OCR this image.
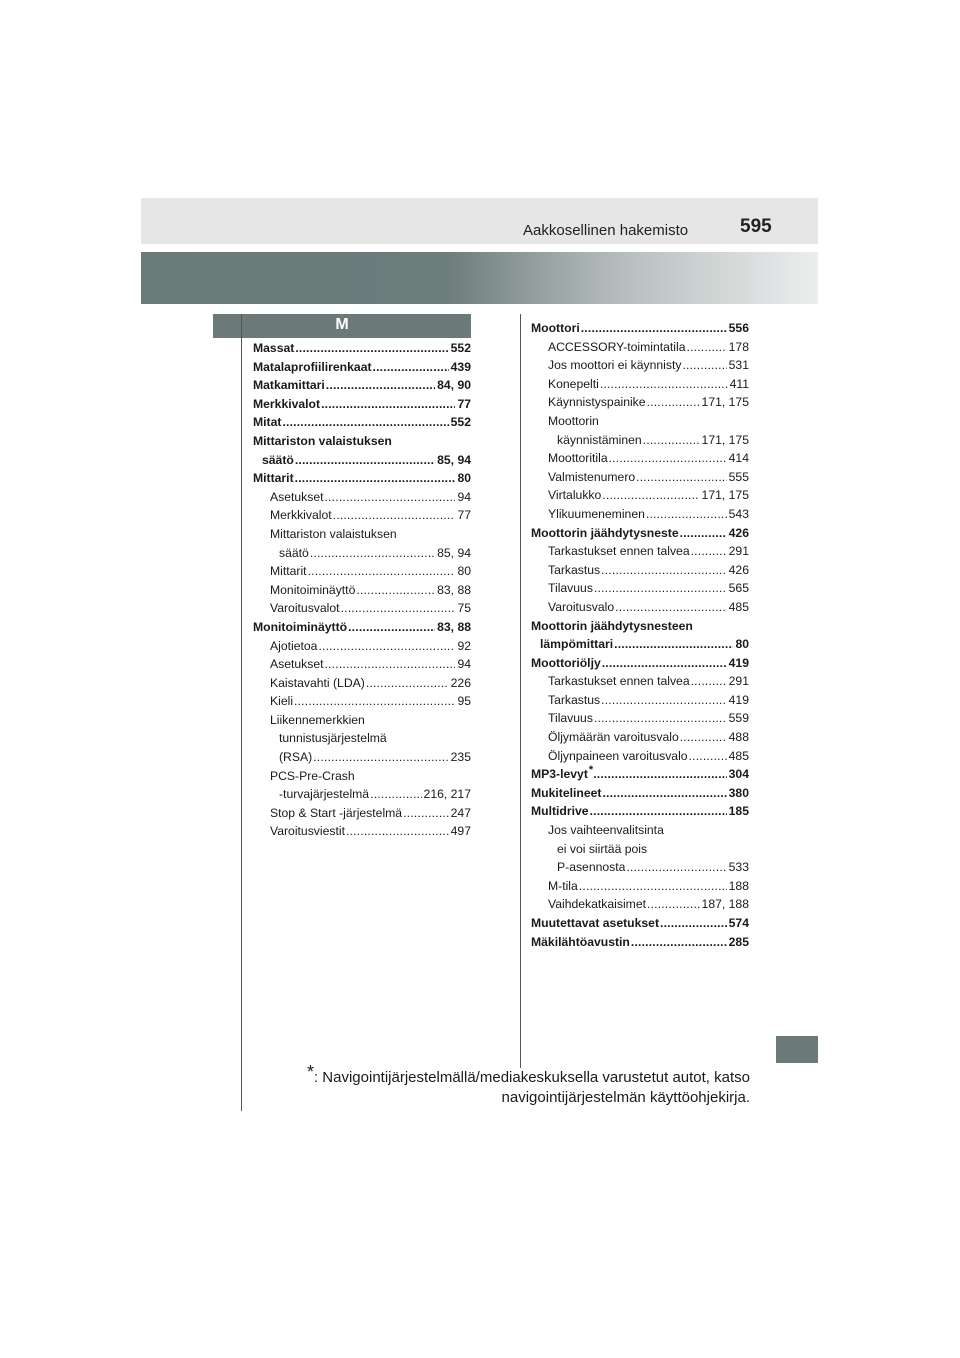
Aakkosellinen hakemisto	595
M
Massat	552
. . .
Matalaprofiilirenkaat	439
. . .
Matkamittari	84, 90
. . .
Merkkivalot	77
. . .
Mitat	552
. . .
Mittariston valaistuksen
säätö	85, 94
. . .
Mittarit	80
. . .
Asetukset	94
. . .
Merkkivalot	77
. . .
Mittariston valaistuksen
säätö	85, 94
. . .
Mittarit	80
. . .
Monitoiminäyttö	83, 88
. . .
Varoitusvalot	75
. . .
Monitoiminäyttö	83, 88
. . .
Ajotietoa	92
. . .
Asetukset	94
. . .
Kaistavahti (LDA)	226
. . .
Kieli	95
. . .
Liikennemerkkien
tunnistusjärjestelmä
(RSA)	235
. . .
PCS-Pre-Crash
-turvajärjestelmä	216, 217
. . .
Stop & Start -järjestelmä	247
. . .
Varoitusviestit	497
. . .
Moottori	556
. . .
ACCESSORY-toimintatila	178
. . .
Jos moottori ei käynnisty	531
. . .
Konepelti	411
. . .
Käynnistyspainike	171, 175
. . .
Moottorin
käynnistäminen	171, 175
. . .
Moottoritila	414
. . .
Valmistenumero	555
. . .
Virtalukko	171, 175
. . .
Ylikuumeneminen	543
. . .
Moottorin jäähdytysneste	426
. . .
Tarkastukset ennen talvea	291
. . .
Tarkastus	426
. . .
Tilavuus	565
. . .
Varoitusvalo	485
. . .
Moottorin jäähdytysnesteen
lämpömittari	80
. . .
Moottoriöljy	419
. . .
Tarkastukset ennen talvea	291
. . .
Tarkastus	419
. . .
Tilavuus	559
. . .
Öljymäärän varoitusvalo	488
. . .
Öljynpaineen varoitusvalo	485
. . .
MP3-levyt*	304
. . .
Mukitelineet	380
. . .
Multidrive	185
. . .
Jos vaihteenvalitsinta
ei voi siirtää pois
P-asennosta	533
. . .
M-tila	188
. . .
Vaihdekatkaisimet	187, 188
. . .
Muutettavat asetukset	574
. . .
Mäkilähtöavustin	285
. . .
*: Navigointijärjestelmällä/mediakeskuksella varustetut autot, katso
navigointijärjestelmän käyttöohjekirja.
